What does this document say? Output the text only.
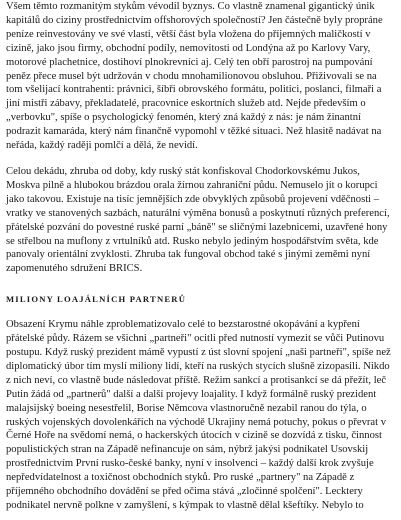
Všem těmto rozmanitým stykům vévodil byznys. Co vlastně znamenal gigantický únik kapitálů do ciziny prostřednictvím offshorových společností? Jen částečně byly propránе peníze reinvestovány ve své vlasti, větší část byla vložena do příjemných maličkostí v cizině, jako jsou firmy, obchodní podíly, nemovitosti od Londýna až po Karlovy Vary, motorové plachetnice, dostihoví plnokrevníci aj. Celý ten obří parostroj na pumpování peněz přece musel být udržován v chodu mnohamilionovou obsluhou. Přiživovali se na tom všelijací kontrahenti: právnici, šíbři obrovského formátu, politici, poslanci, filmaři a jiní mistři zábavy, překladatelé, pracovnice eskortních služeb atd. Nejde především o „verbovku", spíše o psychologický fenomén, který zná každý z nás: je nám žinantní podrazit kamaráda, který nám finančně vypomohl v těžké situaci. Než hlasitě nadávat na neřáda, každý raději pomlčí a dělá, že nevidí.

Celou dekádu, zhruba od doby, kdy ruský stát konfiskoval Chodorkovskému Jukos, Moskva pilně a hlubokou brázdou orala žírnou zahraniční půdu. Nemuselo jít o korupci jako takovou. Existuje na tisíc jemnějších zde obvyklých způsobů projevení vděčnosti – vratky ve stanovených sazbách, naturální výměna bonusů a poskytnutí různých preferencí, přátelské pozvání do povestné ruské parní „báně" se sličnými lazebnicemi, uzavřené hony se střelbou na muflony z vrtulníků atd. Rusko nebylo jediným hospodářstvím světa, kde panovaly orientální zvyklosti. Zhruba tak fungoval obchod také s jinými zeměmi nyní zapomenutého sdružení BRICS.

MILIONY LOAJÁLNÍCH PARTNERŮ

Obsazení Krymu náhle zproblematizovalo celé to bezstarostné okopávání a kypření přátelské půdy. Rázem se všichni „partneři" ocitli před nutností vymezit se vůči Putinovu postupu. Když ruský prezident mámě vypustí z úst slovní spojení „naši partneři", spíše než diplomatický úbor tím myslí miliony lidí, kteří na ruských stycích slušně zizopasili. Nikdo z nich neví, co vlastně bude následovat příště. Režim sankcí a protisankcí se dá přežít, leč Putin žádá od „partnerů" další a další projevy loajality. I když formálně ruský prezident malajsijský boeing nesestřelil, Borise Němcova vlastnoručně nezabil ranou do týla, o ruských vojenských dovolenkářích na východě Ukrajiny nemá potuchy, pokus o převrat v Černé Hoře na svědomí nemá, o hackerských útocích v cizině se dozvídá z tisku, činnost populistických stran na Západě nefinancuje on sám, nýbrž jakýsi podnikatel Usovskij prostřednictvím První rusko-české banky, nyní v insolvenci – každý další krok zvyšuje nepředvídatelnost a toxičnost obchodních styků. Pro ruské „partnery" na Západě z příjemného obchodního dovádění se před očima stává „zločinné spolčení". Lecktery podnikatel nervně polkne v zamyšlení, s kýmpak to vlastně dělal kšeftíky. Nebylo to
